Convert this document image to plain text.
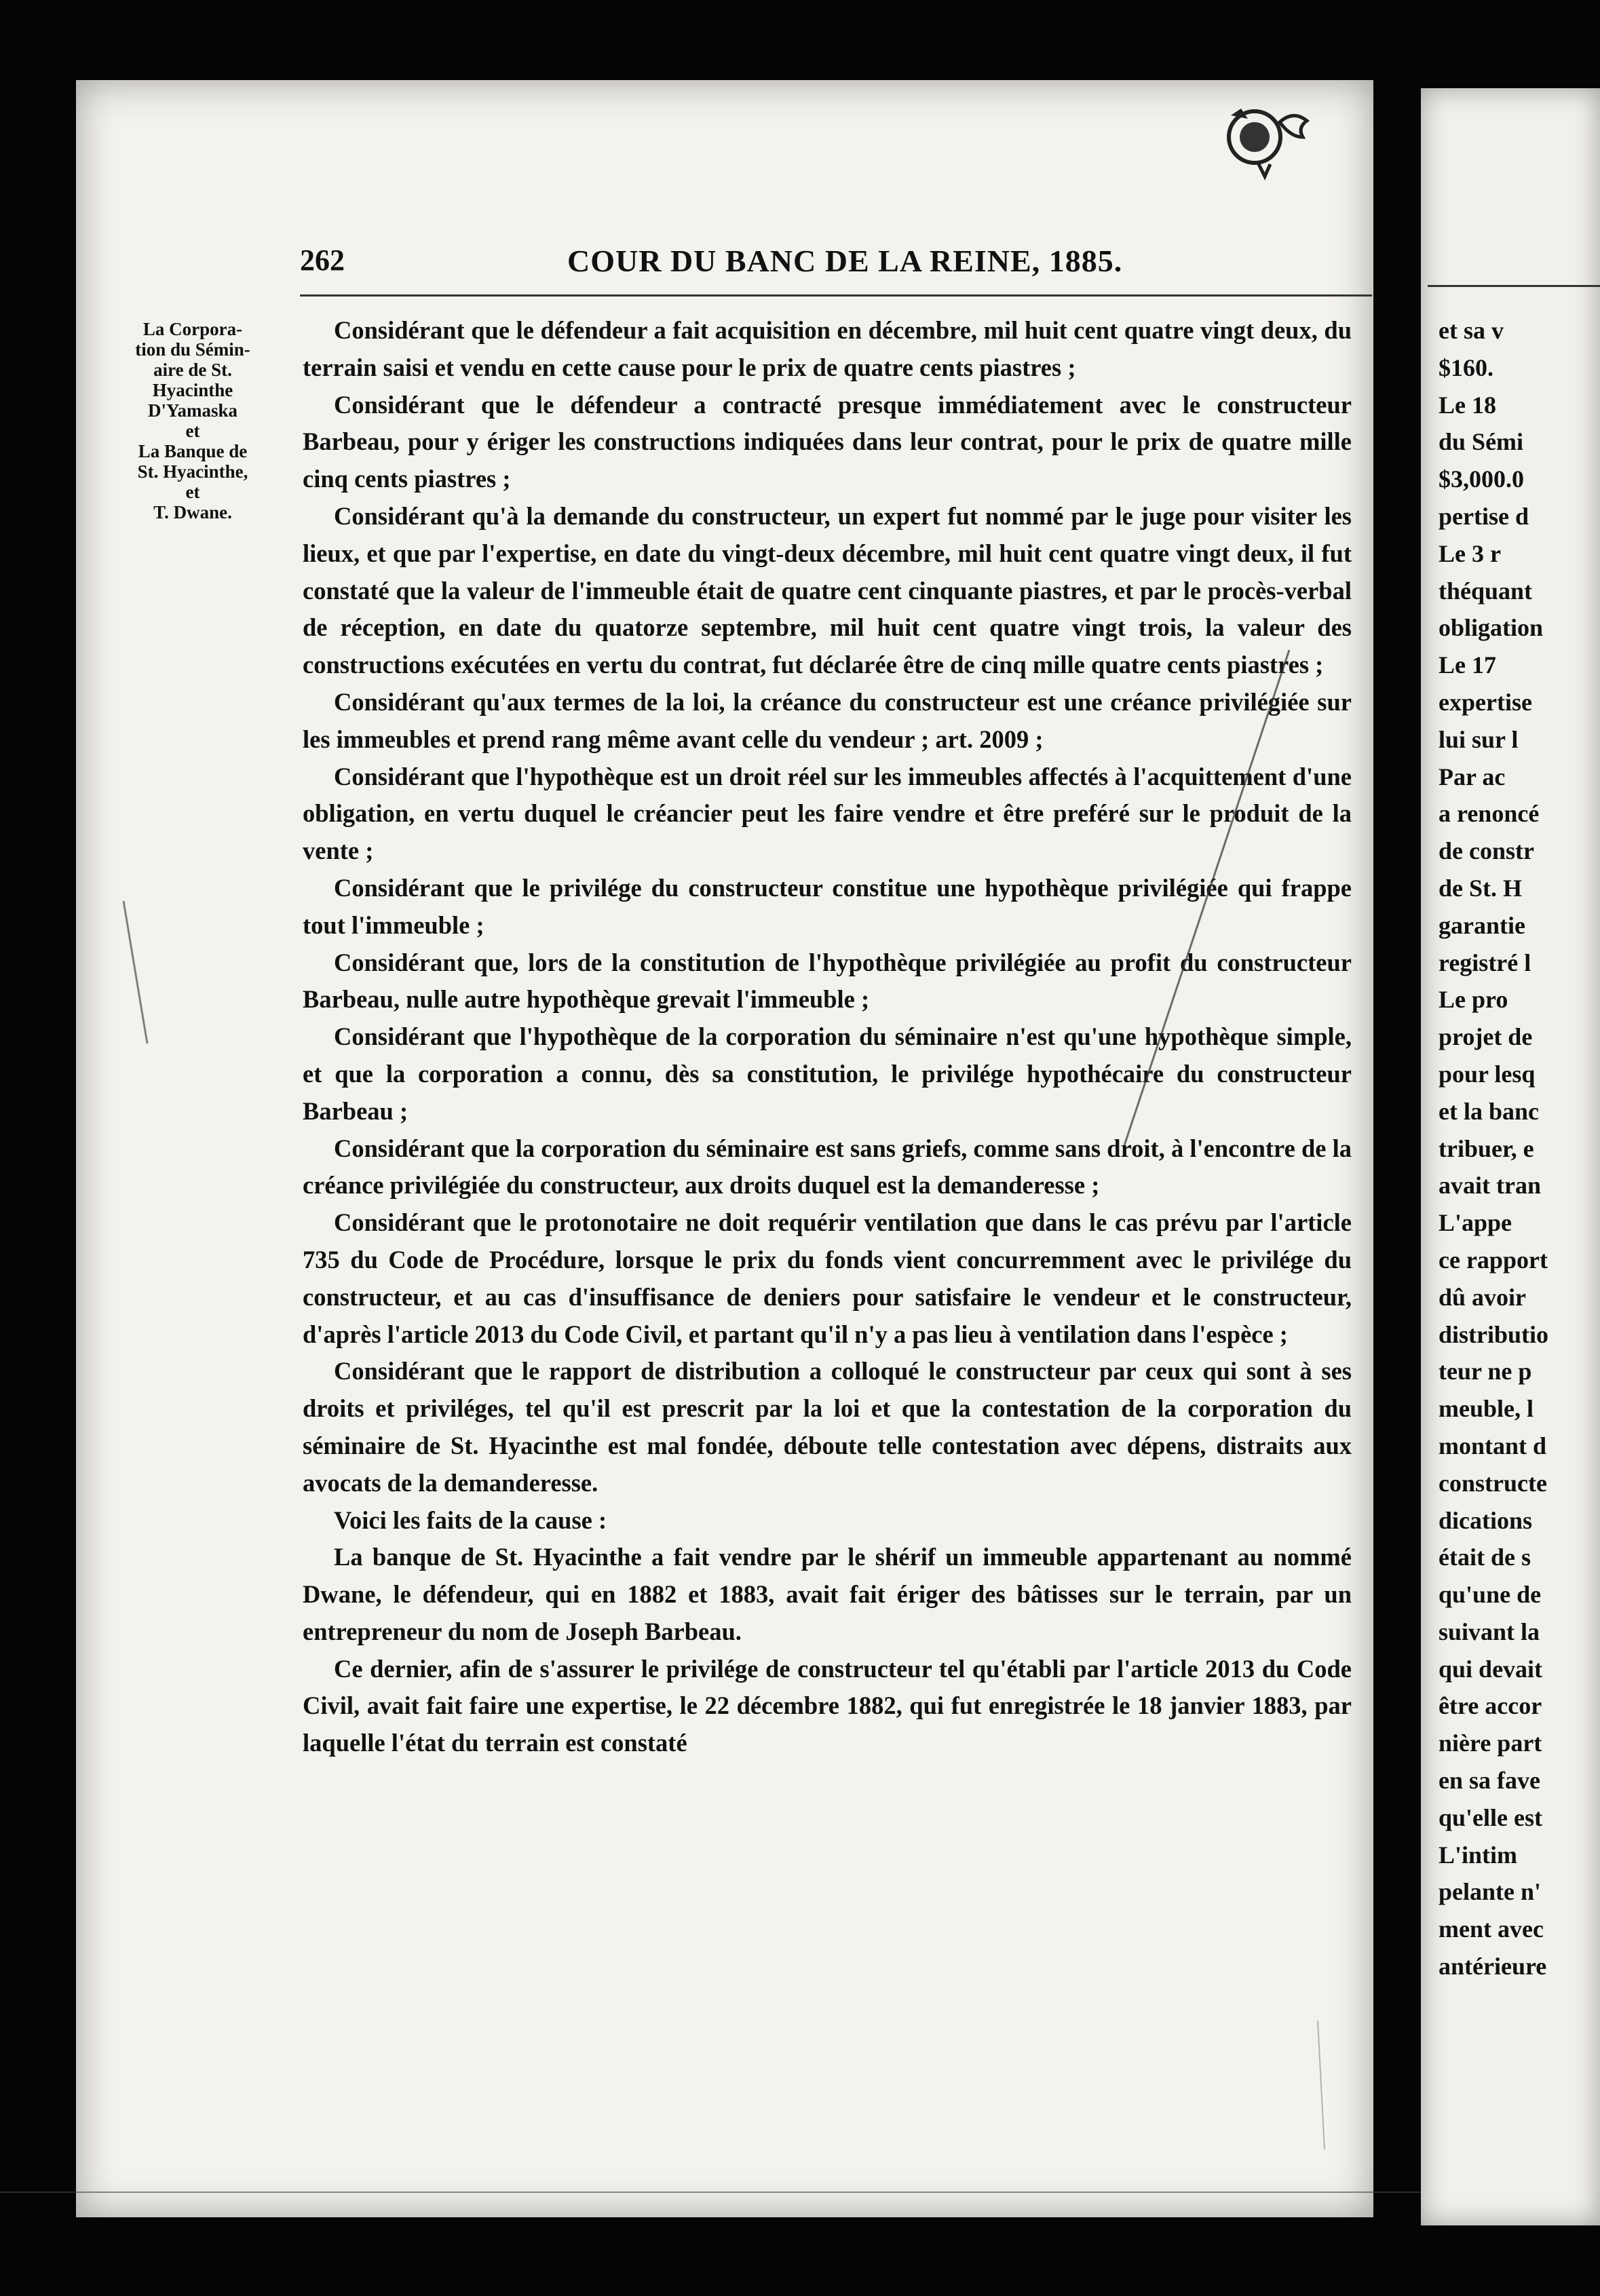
262	COUR DU BANC DE LA REINE, 1885.
La Corpora-
tion du Sémin-
aire de St.
Hyacinthe
D'Yamaska
et
La Banque de
St. Hyacinthe,
et
T. Dwane.

Considérant que le défendeur a fait acquisition en décembre, mil huit cent quatre vingt deux, du terrain saisi et vendu en cette cause pour le prix de quatre cents piastres ;

Considérant que le défendeur a contracté presque immédiatement avec le constructeur Barbeau, pour y ériger les constructions indiquées dans leur contrat, pour le prix de quatre mille cinq cents piastres ;

Considérant qu'à la demande du constructeur, un expert fut nommé par le juge pour visiter les lieux, et que par l'expertise, en date du vingt-deux décembre, mil huit cent quatre vingt deux, il fut constaté que la valeur de l'immeuble était de quatre cent cinquante piastres, et par le procès-verbal de réception, en date du quatorze septembre, mil huit cent quatre vingt trois, la valeur des constructions exécutées en vertu du contrat, fut déclarée être de cinq mille quatre cents piastres ;

Considérant qu'aux termes de la loi, la créance du constructeur est une créance privilégiée sur les immeubles et prend rang même avant celle du vendeur ; art. 2009 ;

Considérant que l'hypothèque est un droit réel sur les immeubles affectés à l'acquittement d'une obligation, en vertu duquel le créancier peut les faire vendre et être preféré sur le produit de la vente ;

Considérant que le privilége du constructeur constitue une hypothèque privilégiée qui frappe tout l'immeuble ;

Considérant que, lors de la constitution de l'hypothèque privilégiée au profit du constructeur Barbeau, nulle autre hypothèque grevait l'immeuble ;

Considérant que l'hypothèque de la corporation du séminaire n'est qu'une hypothèque simple, et que la corporation a connu, dès sa constitution, le privilége hypothécaire du constructeur Barbeau ;

Considérant que la corporation du séminaire est sans griefs, comme sans droit, à l'encontre de la créance privilégiée du constructeur, aux droits duquel est la demanderesse ;

Considérant que le protonotaire ne doit requérir ventilation que dans le cas prévu par l'article 735 du Code de Procédure, lorsque le prix du fonds vient concurremment avec le privilége du constructeur, et au cas d'insuffisance de deniers pour satisfaire le vendeur et le constructeur, d'après l'article 2013 du Code Civil, et partant qu'il n'y a pas lieu à ventilation dans l'espèce ;

Considérant que le rapport de distribution a colloqué le constructeur par ceux qui sont à ses droits et priviléges, tel qu'il est prescrit par la loi et que la contestation de la corporation du séminaire de St. Hyacinthe est mal fondée, déboute telle contestation avec dépens, distraits aux avocats de la demanderesse.

Voici les faits de la cause :

La banque de St. Hyacinthe a fait vendre par le shérif un immeuble appartenant au nommé Dwane, le défendeur, qui en 1882 et 1883, avait fait ériger des bâtisses sur le terrain, par un entrepreneur du nom de Joseph Barbeau.

Ce dernier, afin de s'assurer le privilége de constructeur tel qu'établi par l'article 2013 du Code Civil, avait fait faire une expertise, le 22 décembre 1882, qui fut enregistrée le 18 janvier 1883, par laquelle l'état du terrain est constaté

et sa v
$160.
Le 18
du Sémi
$3,000.0
pertise d
Le 3 r
théquant
obligation
Le 17
expertise
lui sur l
Par ac
a renoncé
de constr
de St. H
garantie
registré l
Le pro
projet de
pour lesq
et la banc
tribuer, e
avait tran
L'appe
ce rapport
dû avoir
distributio
teur ne p
meuble, l
montant d
constructe
dications
était de s
qu'une de
suivant la
qui devait
être accor
nière part
en sa fave
qu'elle est
L'intim
pelante n'
ment avec
antérieure
